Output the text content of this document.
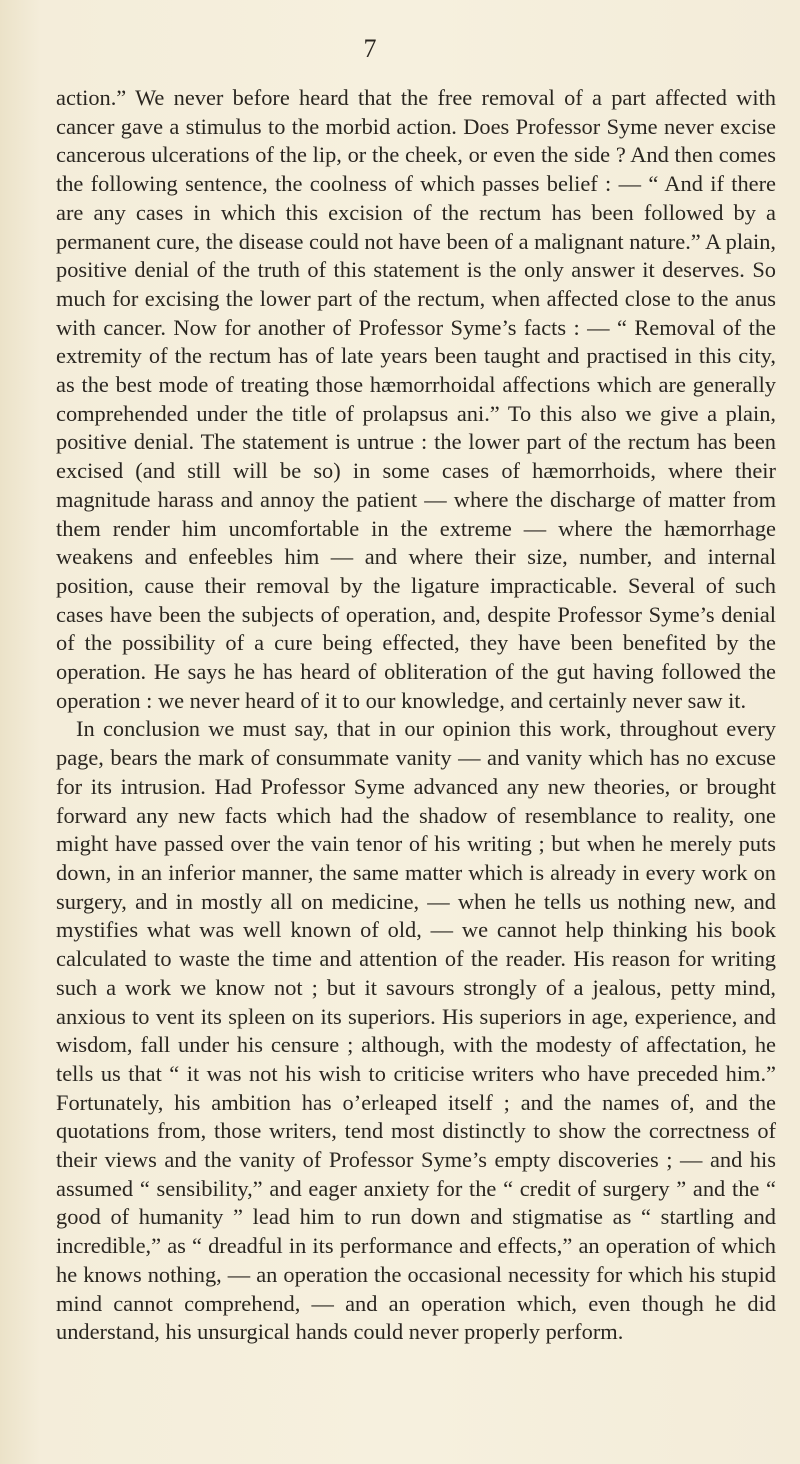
7

action.” We never before heard that the free removal of a part affected with cancer gave a stimulus to the morbid action. Does Professor Syme never excise cancerous ulcerations of the lip, or the cheek, or even the side ? And then comes the following sentence, the coolness of which passes belief : — “ And if there are any cases in which this excision of the rectum has been followed by a permanent cure, the disease could not have been of a malignant nature.” A plain, positive denial of the truth of this statement is the only answer it deserves. So much for excising the lower part of the rectum, when affected close to the anus with cancer. Now for another of Professor Syme’s facts : — “ Removal of the extremity of the rectum has of late years been taught and practised in this city, as the best mode of treating those hæmorrhoidal affections which are generally comprehended under the title of prolapsus ani.” To this also we give a plain, positive denial. The statement is untrue : the lower part of the rectum has been excised (and still will be so) in some cases of hæmorrhoids, where their magnitude harass and annoy the patient — where the discharge of matter from them render him uncomfortable in the extreme — where the hæmorrhage weakens and enfeebles him — and where their size, number, and internal position, cause their removal by the ligature impracticable. Several of such cases have been the subjects of operation, and, despite Professor Syme’s denial of the possibility of a cure being effected, they have been benefited by the operation. He says he has heard of obliteration of the gut having followed the operation : we never heard of it to our knowledge, and certainly never saw it.

In conclusion we must say, that in our opinion this work, throughout every page, bears the mark of consummate vanity — and vanity which has no excuse for its intrusion. Had Professor Syme advanced any new theories, or brought forward any new facts which had the shadow of resemblance to reality, one might have passed over the vain tenor of his writing ; but when he merely puts down, in an inferior manner, the same matter which is already in every work on surgery, and in mostly all on medicine, — when he tells us nothing new, and mystifies what was well known of old, — we cannot help thinking his book calculated to waste the time and attention of the reader. His reason for writing such a work we know not ; but it savours strongly of a jealous, petty mind, anxious to vent its spleen on its superiors. His superiors in age, experience, and wisdom, fall under his censure ; although, with the modesty of affectation, he tells us that “ it was not his wish to criticise writers who have preceded him.” Fortunately, his ambition has o’erleaped itself ; and the names of, and the quotations from, those writers, tend most distinctly to show the correctness of their views and the vanity of Professor Syme’s empty discoveries ; — and his assumed “ sensibility,” and eager anxiety for the “ credit of surgery ” and the “ good of humanity ” lead him to run down and stigmatise as “ startling and incredible,” as “ dreadful in its performance and effects,” an operation of which he knows nothing, — an operation the occasional necessity for which his stupid mind cannot comprehend, — and an operation which, even though he did understand, his unsurgical hands could never properly perform.
